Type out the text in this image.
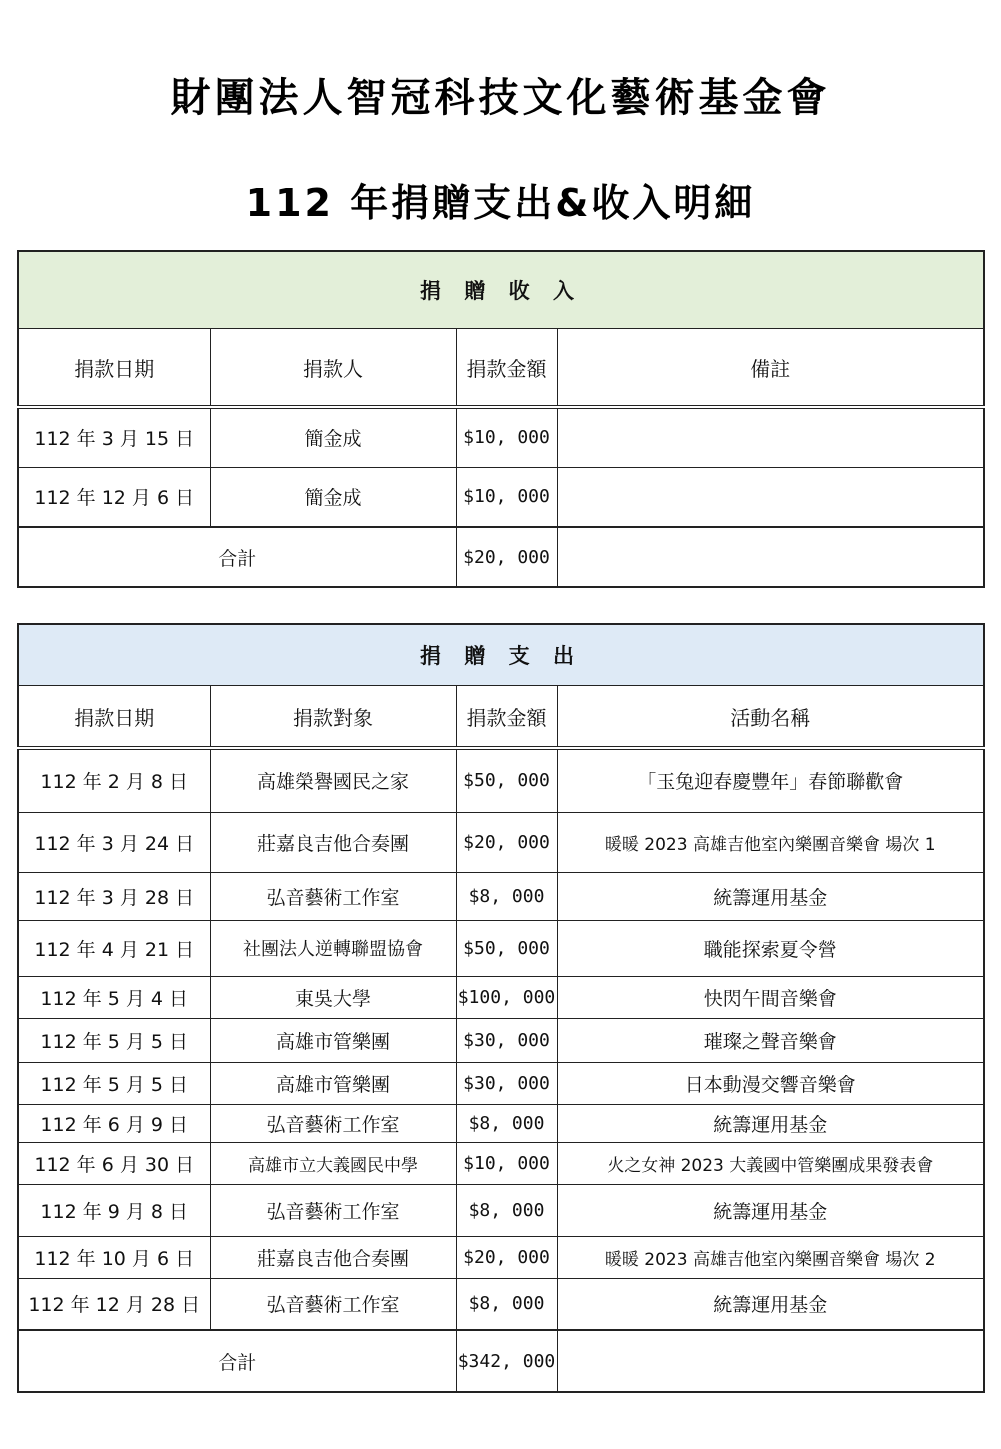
財團法人智冠科技文化藝術基金會
112 年捐贈支出&收入明細
捐 贈 收 入			
捐款日期	捐款人	捐款金額	備註
112 年 3 月 15 日	簡金成	$10, 000	
112 年 12 月 6 日	簡金成	$10, 000	
合計		$20, 000	
捐 贈 支 出			
捐款日期	捐款對象	捐款金額	活動名稱
112 年 2 月 8 日	高雄榮譽國民之家	$50, 000	「玉兔迎春慶豐年」春節聯歡會
112 年 3 月 24 日	莊嘉良吉他合奏團	$20, 000	暖暖 2023 高雄吉他室內樂團音樂會 場次 1
112 年 3 月 28 日	弘音藝術工作室	$8, 000	統籌運用基金
112 年 4 月 21 日	社團法人逆轉聯盟協會	$50, 000	職能探索夏令營
112 年 5 月 4 日	東吳大學	$100, 000	快閃午間音樂會
112 年 5 月 5 日	高雄市管樂團	$30, 000	璀璨之聲音樂會
112 年 5 月 5 日	高雄市管樂團	$30, 000	日本動漫交響音樂會
112 年 6 月 9 日	弘音藝術工作室	$8, 000	統籌運用基金
112 年 6 月 30 日	高雄市立大義國民中學	$10, 000	火之女神 2023 大義國中管樂團成果發表會
112 年 9 月 8 日	弘音藝術工作室	$8, 000	統籌運用基金
112 年 10 月 6 日	莊嘉良吉他合奏團	$20, 000	暖暖 2023 高雄吉他室內樂團音樂會 場次 2
112 年 12 月 28 日	弘音藝術工作室	$8, 000	統籌運用基金
合計		$342, 000	
